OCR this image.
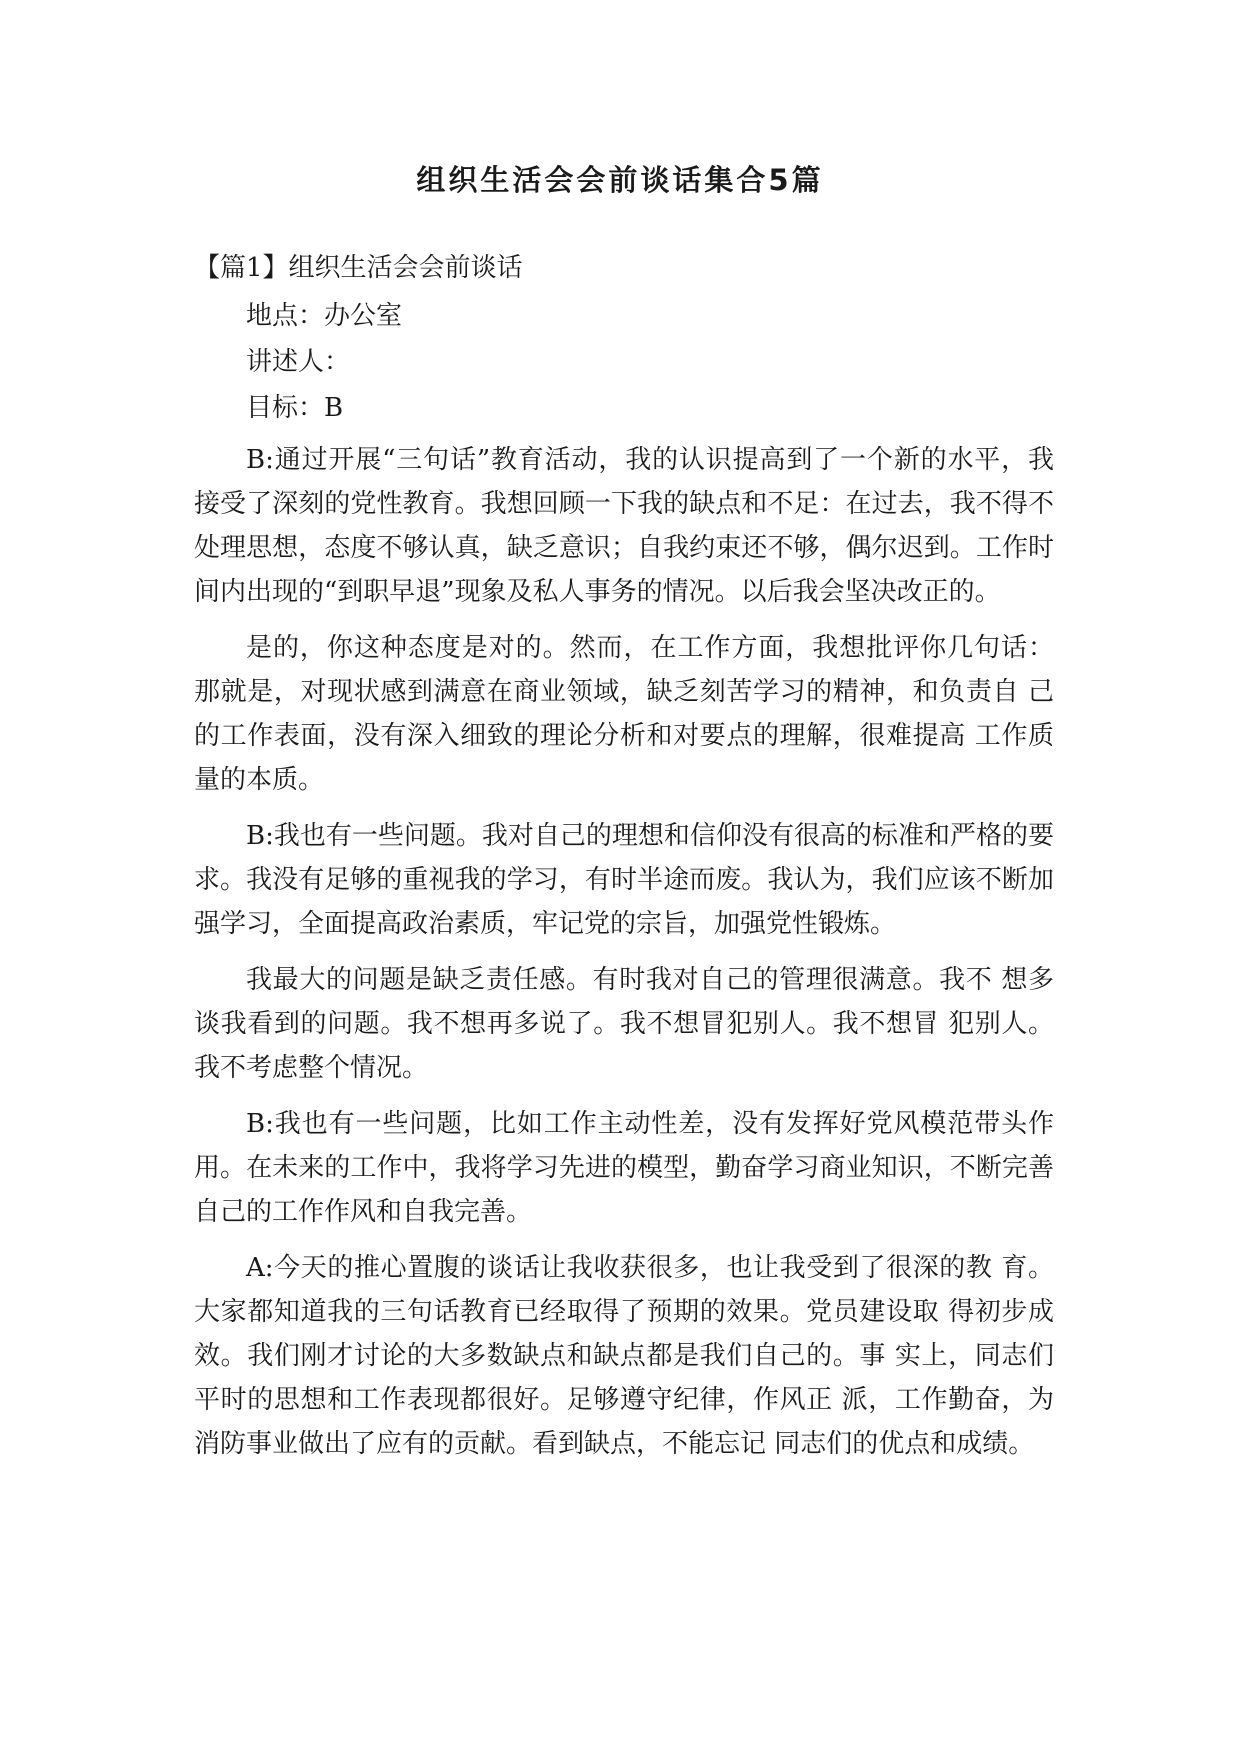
组织生活会会前谈话集合5篇
【篇1】组织生活会会前谈话

地点：办公室

讲述人：

目标：B

B:通过开展“三句话”教育活动，我的认识提高到了一个新的水平，我接受了深刻的党性教育。我想回顾一下我的缺点和不足：在过去，我不得不处理思想，态度不够认真，缺乏意识；自我约束还不够，偶尔迟到。工作时间内出现的“到职早退”现象及私人事务的情况。以后我会坚决改正的。

是的，你这种态度是对的。然而，在工作方面，我想批评你几句话： 那就是，对现状感到满意在商业领域，缺乏刻苦学习的精神，和负责自 己的工作表面，没有深入细致的理论分析和对要点的理解，很难提高 工作质量的本质。

B:我也有一些问题。我对自己的理想和信仰没有很高的标准和严格的要求。我没有足够的重视我的学习，有时半途而废。我认为，我们应该不断加强学习，全面提高政治素质，牢记党的宗旨，加强党性锻炼。

我最大的问题是缺乏责任感。有时我对自己的管理很满意。我不 想多谈我看到的问题。我不想再多说了。我不想冒犯别人。我不想冒 犯别人。我不考虑整个情况。

B:我也有一些问题，比如工作主动性差，没有发挥好党风模范带头作用。在未来的工作中，我将学习先进的模型，勤奋学习商业知识，不断完善自己的工作作风和自我完善。

A:今天的推心置腹的谈话让我收获很多，也让我受到了很深的教 育。大家都知道我的三句话教育已经取得了预期的效果。党员建设取 得初步成效。我们刚才讨论的大多数缺点和缺点都是我们自己的。事 实上，同志们平时的思想和工作表现都很好。足够遵守纪律，作风正 派，工作勤奋，为消防事业做出了应有的贡献。看到缺点，不能忘记 同志们的优点和成绩。
